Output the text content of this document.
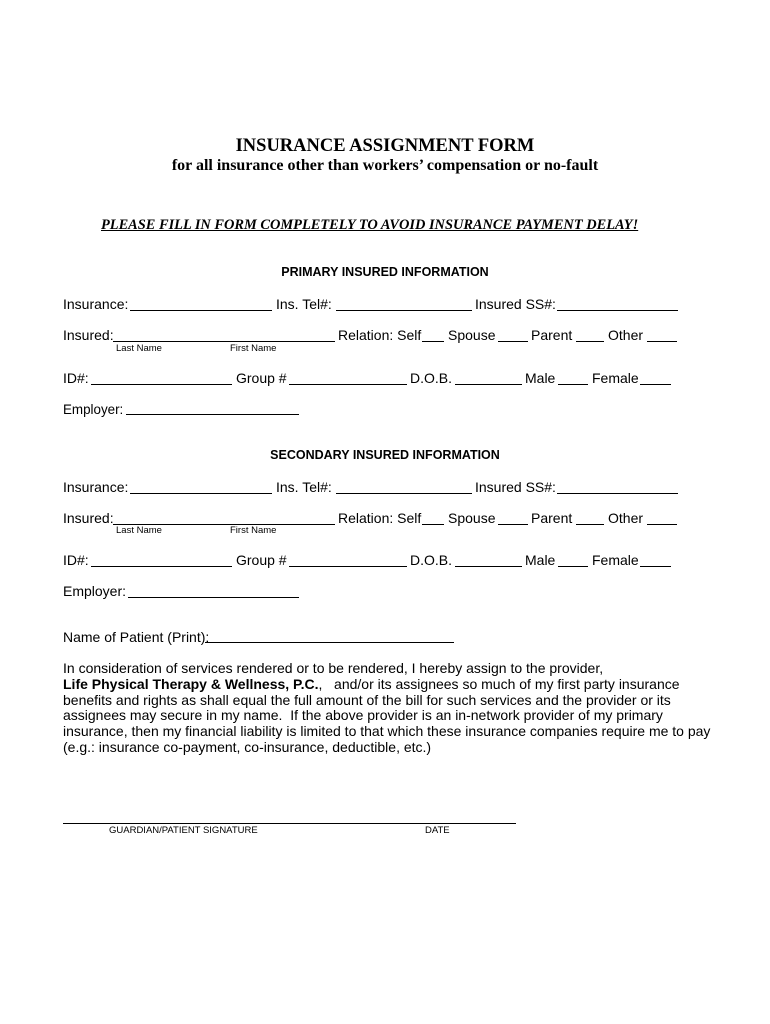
INSURANCE ASSIGNMENT FORM
for all insurance other than workers’ compensation or no-fault
PLEASE FILL IN FORM COMPLETELY TO AVOID INSURANCE PAYMENT DELAY!
PRIMARY INSURED INFORMATION
Insurance:	Ins. Tel#:	Insured SS#:
Insured:
Last Name	First Name
Relation: Self Spouse	Parent	Other
ID#:	Group #	D.O.B.	Male	Female
Employer:
SECONDARY INSURED INFORMATION
Insurance:	Ins. Tel#:	Insured SS#:
Insured:
Last Name	First Name
Relation: Self Spouse	Parent	Other
ID#:	Group #	D.O.B.	Male	Female
Employer:
Name of Patient (Print):
In consideration of services rendered or to be rendered, I hereby assign to the provider,
Life Physical Therapy & Wellness, P.C.,   and/or its assignees so much of my first party insurance
benefits and rights as shall equal the full amount of the bill for such services and the provider or its
assignees may secure in my name.  If the above provider is an in-network provider of my primary
insurance, then my financial liability is limited to that which these insurance companies require me to pay
(e.g.: insurance co-payment, co-insurance, deductible, etc.)
GUARDIAN/PATIENT SIGNATURE	DATE
